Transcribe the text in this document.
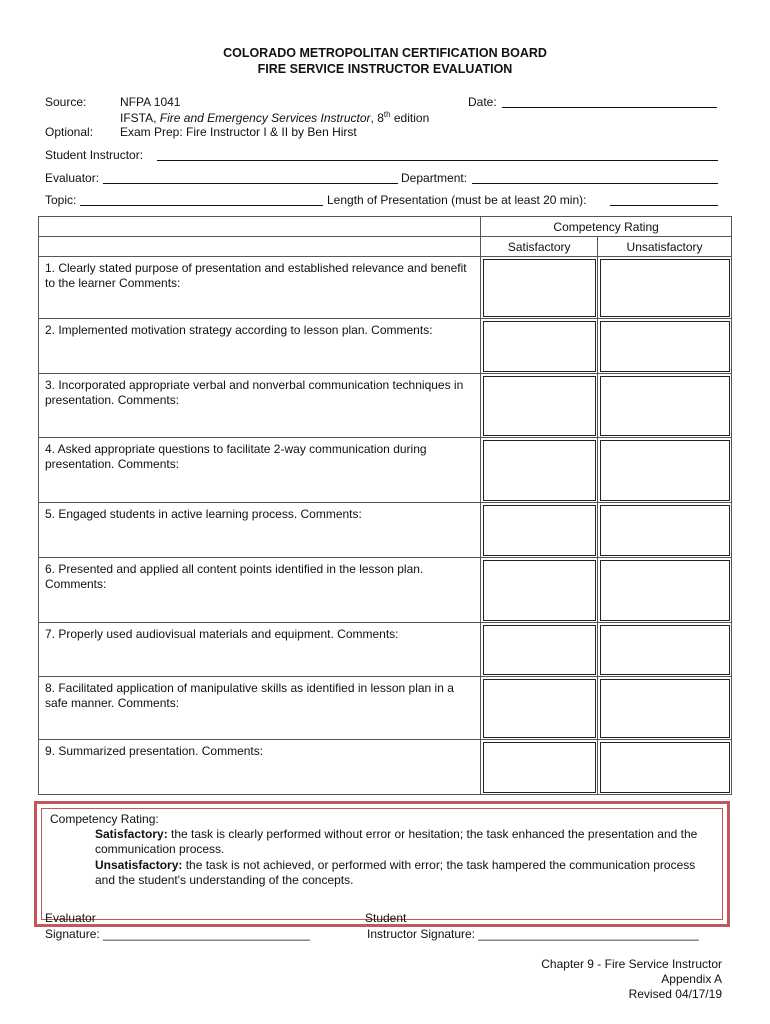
COLORADO METROPOLITAN CERTIFICATION BOARD
FIRE SERVICE INSTRUCTOR EVALUATION
Source:	NFPA 1041
IFSTA, Fire and Emergency Services Instructor, 8th edition
Optional: Exam Prep: Fire Instructor I & II by Ben Hirst
Date:
Student Instructor:
Evaluator:	Department:
Topic:	Length of Presentation (must be at least 20 min):
	Competency Rating	
	Satisfactory	Unsatisfactory
1. Clearly stated purpose of presentation and established relevance and benefit to the learner Comments:	

2. Implemented motivation strategy according to lesson plan. Comments:	

3. Incorporated appropriate verbal and nonverbal communication techniques in presentation. Comments:	

4. Asked appropriate questions to facilitate 2-way communication during presentation. Comments:	

5. Engaged students in active learning process. Comments:	

6. Presented and applied all content points identified in the lesson plan. Comments:	

7. Properly used audiovisual materials and equipment. Comments:	

8. Facilitated application of manipulative skills as identified in lesson plan in a safe manner. Comments:	

9. Summarized presentation. Comments:	

Competency Rating:
Satisfactory: the task is clearly performed without error or hesitation; the task enhanced the presentation and the communication process.
Unsatisfactory: the task is not achieved, or performed with error; the task hampered the communication process and the student's understanding of the concepts.
Evaluator
Signature: _______________________________
Student
Instructor Signature: _________________________________
Chapter 9 - Fire Service Instructor
Appendix A
Revised 04/17/19
